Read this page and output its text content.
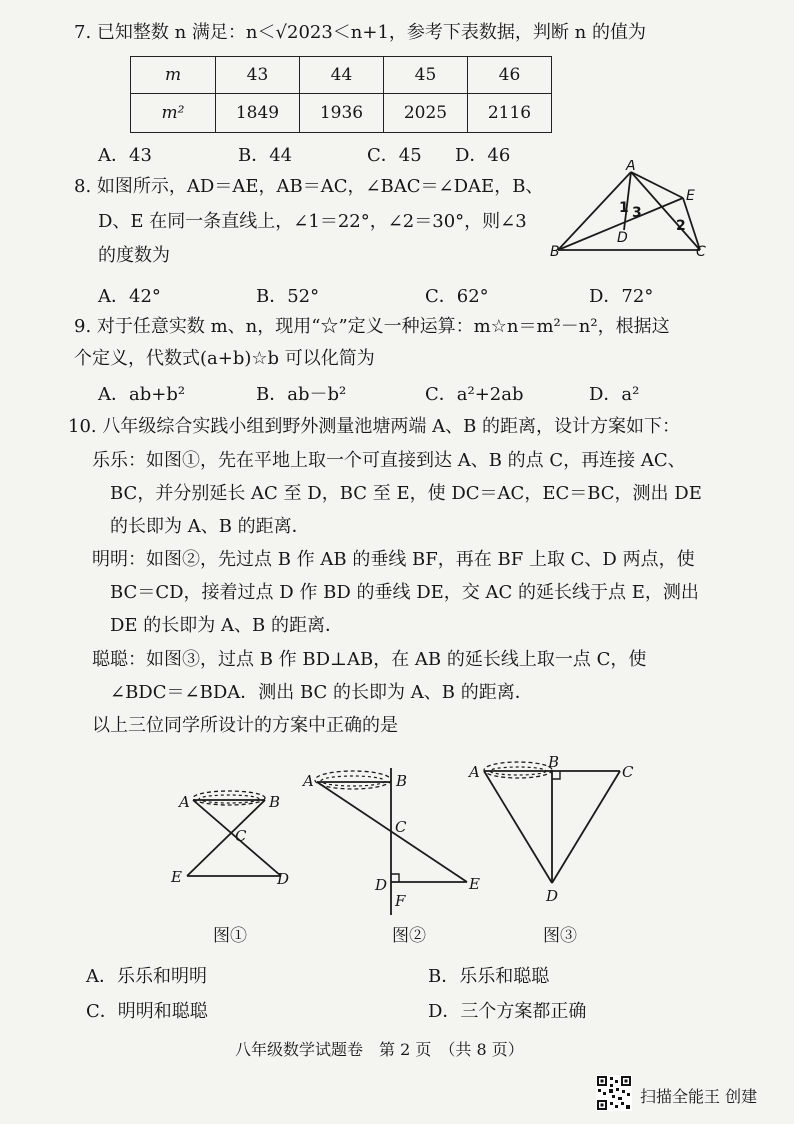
7. 已知整数 n 满足：n＜√2023＜n+1，参考下表数据，判断 n 的值为
m	43	44	45	46
m²	1849	1936	2025	2116
A．43	B．44	C．45 D．46
8. 如图所示，AD＝AE，AB＝AC，∠BAC＝∠DAE，B、
D、E 在同一条直线上，∠1＝22°，∠2＝30°，则∠3
的度数为
A
E
1 3
2
D
B	C
A．42°	B．52°	C．62°	D．72°
9. 对于任意实数 m、n，现用“☆”定义一种运算：m☆n＝m²－n²，根据这
个定义，代数式(a+b)☆b 可以化简为
A．ab+b²	B．ab－b²	C．a²+2ab	D．a²
10. 八年级综合实践小组到野外测量池塘两端 A、B 的距离，设计方案如下：
乐乐：如图①，先在平地上取一个可直接到达 A、B 的点 C，再连接 AC、
BC，并分别延长 AC 至 D，BC 至 E，使 DC＝AC，EC＝BC，测出 DE
的长即为 A、B 的距离．
明明：如图②，先过点 B 作 AB 的垂线 BF，再在 BF 上取 C、D 两点，使
BC＝CD，接着过点 D 作 BD 的垂线 DE，交 AC 的延长线于点 E，测出
DE 的长即为 A、B 的距离．
聪聪：如图③，过点 B 作 BD⊥AB，在 AB 的延长线上取一点 C，使
∠BDC＝∠BDA．测出 BC 的长即为 A、B 的距离．
以上三位同学所设计的方案中正确的是
A	B
C
E	D
A	B
C
D	E
F
A
B
C
D
图①	图②	图③
A．乐乐和明明	B．乐乐和聪聪
C．明明和聪聪	D．三个方案都正确
八年级数学试题卷　第 2 页　（共 8 页）
扫描全能王 创建
